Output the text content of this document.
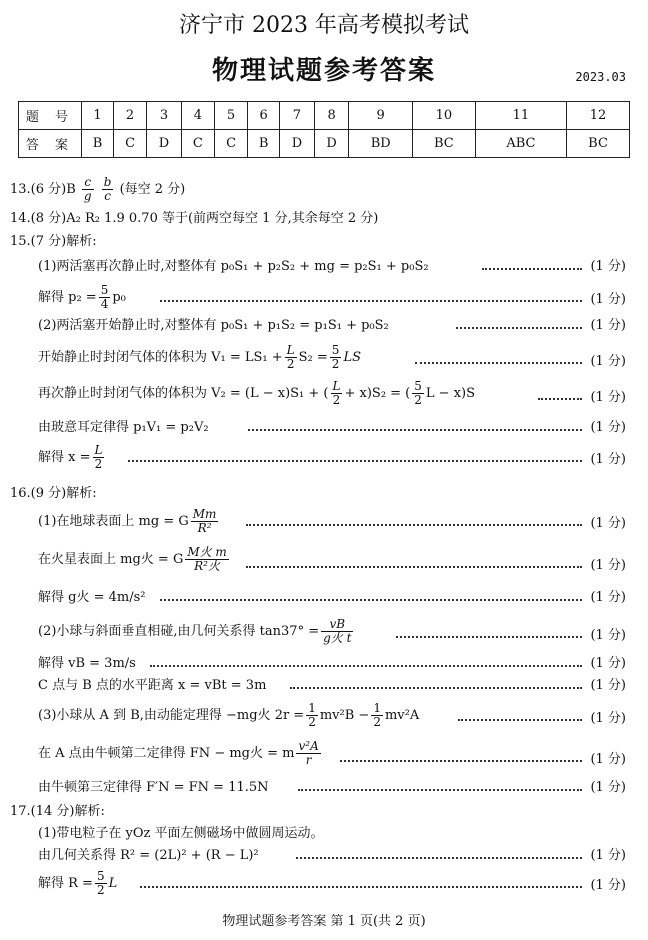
济宁市 2023 年高考模拟考试
物理试题参考答案	2023.03
题 号	1	2	3	4	5	6	7	8	9	10	11	12
答 案	B	C	D	C	C	B	D	D	BD	BC	ABC	BC
13.(6 分)$B \frac{c}{g}$
$\frac{b}{c}$ (每空 2 分)
14.(8 分)A₂ R₂ 1.9 0.70 等于(前两空每空 1 分,其余每空 2 分)
15.(7 分)解析:
(1)两活塞再次静止时,对整体有 p₀S₁ + p₂S₂ + mg = p₂S₁ + p₀S₂	(1 分)
解得 $p_2 = \frac{5}{4} p_0$	(1 分)
(2)两活塞开始静止时,对整体有 p₀S₁ + p₁S₂ = p₁S₁ + p₀S₂	(1 分)
开始静止时封闭气体的体积为 $V_1 = LS_1 + \frac{L}{2} S_2 = \frac{5}{2}$ LS	(1 分)
再次静止时封闭气体的体积为 V₂ = (L − x)S₁ + ( $\frac{L}{2} + x)S_2$ = ( $\frac{5}{2}$ L − x)S	(1 分)
由玻意耳定律得 p₁V₁ = p₂V₂	(1 分)
解得 $x = \frac{L}{2}$	(1 分)
16.(9 分)解析:
(1)在地球表面上 mg = G $\frac{Mm}{\text{R²}}$	(1 分)
在火星表面上 mg火 = G $\frac{\text{M火 m}}{\text{R²火}}$	(1 分)
解得 g火 = 4m/s²	(1 分)
(2)小球与斜面垂直相碰,由几何关系得 $\tan 37^\circ = \frac{vB}{\text{g火 t}}$	(1 分)
解得 vB = 3m/s	(1 分)
C 点与 B 点的水平距离 x = vBt = 3m	(1 分)
(3)小球从 A 到 B,由动能定理得 −mg火 $2r = \frac{1}{2} mv^2B - \frac{1}{2} mv^2A$	(1 分)
在 A 点由牛顿第二定律得 FN − mg火 = m $\frac{\text{v²A}}{r}$	(1 分)
由牛顿第三定律得 F′N = FN = 11.5N	(1 分)
17.(14 分)解析:
(1)带电粒子在 yOz 平面左侧磁场中做圆周运动。
由几何关系得 R² = (2L)² + (R − L)²	(1 分)
解得 $R = \frac{5}{2}$ L	(1 分)
物理试题参考答案 第 1 页(共 2 页)
